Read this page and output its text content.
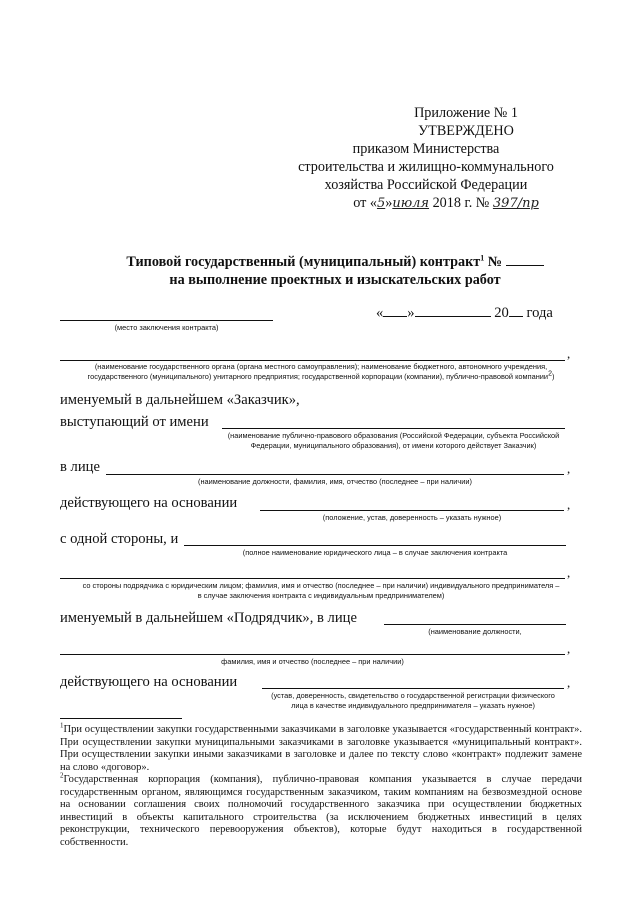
Приложение № 1
УТВЕРЖДЕНО
приказом Министерства
строительства и жилищно-коммунального
хозяйства Российской Федерации
от «5»июля 2018 г. № 397/пр
Типовой государственный (муниципальный) контракт$^1$ №
на выполнение проектных и изыскательских работ
(место заключения контракта)
« »	20 года
,
(наименование государственного органа (органа местного самоуправления); наименование бюджетного, автономного учреждения,
государственного (муниципального) унитарного предприятия; государственной корпорации (компании), публично-правовой компании2)
именуемый в дальнейшем «Заказчик»,
выступающий от имени
(наименование публично-правового образования (Российской Федерации, субъекта Российской
Федерации, муниципального образования), от имени которого действует Заказчик)
в лице	,
(наименование должности, фамилия, имя, отчество (последнее – при наличии)
действующего на основании	,
(положение, устав, доверенность – указать нужное)
с одной стороны, и
(полное наименование юридического лица – в случае заключения контракта
,
со стороны подрядчика с юридическим лицом; фамилия, имя и отчество (последнее – при наличии) индивидуального предпринимателя –
в случае заключения контракта с индивидуальным предпринимателем)
именуемый в дальнейшем «Подрядчик», в лице
(наименование должности,
,
фамилия, имя и отчество (последнее – при наличии)
действующего на основании	,
(устав, доверенность, свидетельство о государственной регистрации физического
лица в качестве индивидуального предпринимателя – указать нужное)
$^1$При осуществлении закупки государственными заказчиками в заголовке указывается «государственный контракт». При осуществлении закупки муниципальными заказчиками в заголовке указывается «муниципальный контракт». При осуществлении закупки иными заказчиками в заголовке и далее по тексту слово «контракт» подлежит замене на слово «договор».
$^2$Государственная корпорация (компания), публично-правовая компания указывается в случае передачи государственным органом, являющимся государственным заказчиком, таким компаниям на безвозмездной основе на основании соглашения своих полномочий государственного заказчика при осуществлении бюджетных инвестиций в объекты капитального строительства (за исключением бюджетных инвестиций в целях реконструкции, технического перевооружения объектов), которые будут находиться в государственной собственности.
